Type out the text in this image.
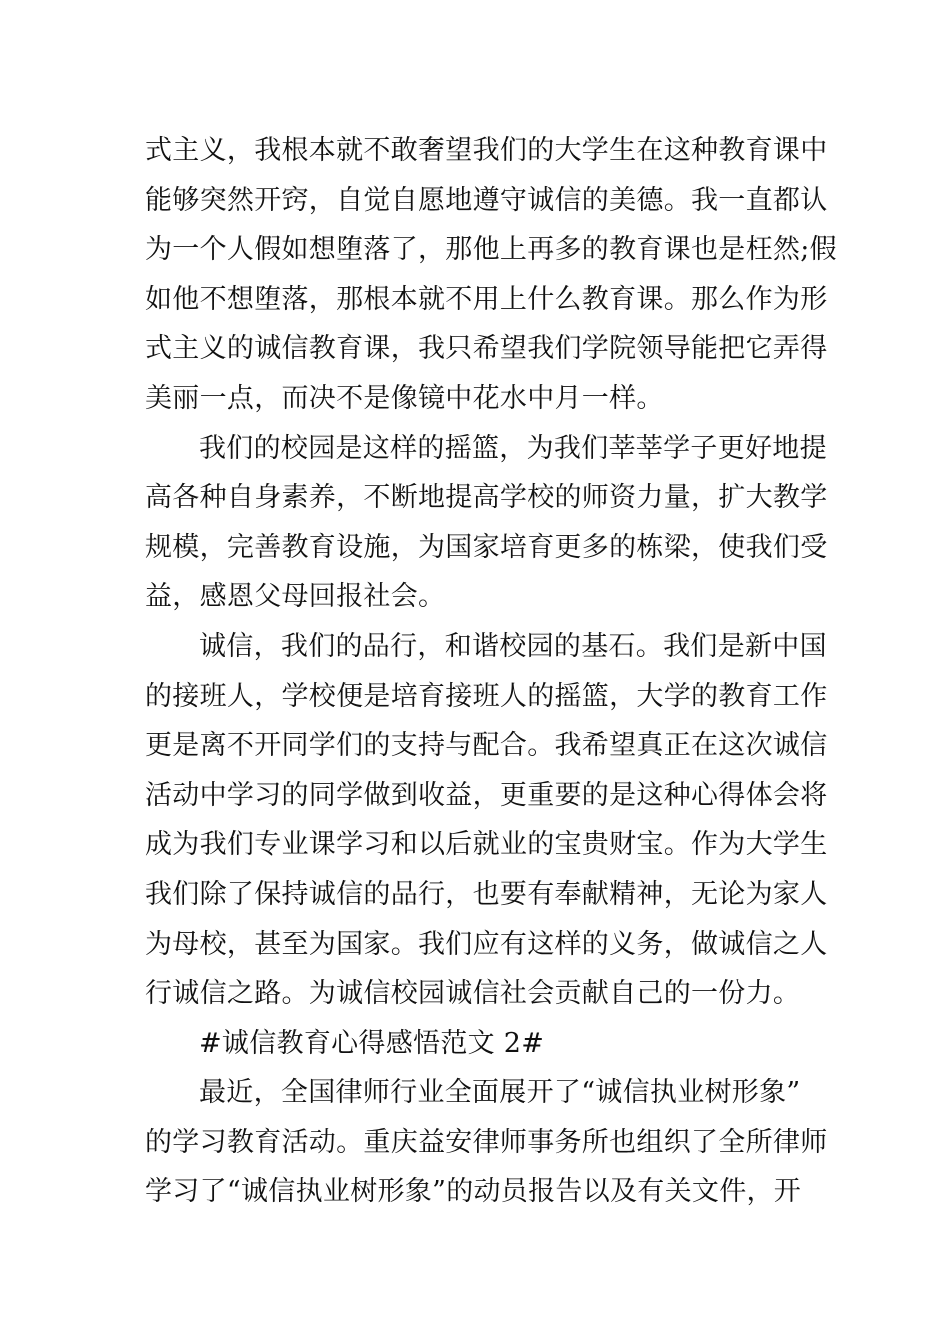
式主义，我根本就不敢奢望我们的大学生在这种教育课中
能够突然开窍，自觉自愿地遵守诚信的美德。我一直都认
为一个人假如想堕落了，那他上再多的教育课也是枉然;假
如他不想堕落，那根本就不用上什么教育课。那么作为形
式主义的诚信教育课，我只希望我们学院领导能把它弄得
美丽一点，而决不是像镜中花水中月一样。
我们的校园是这样的摇篮，为我们莘莘学子更好地提
高各种自身素养，不断地提高学校的师资力量，扩大教学
规模，完善教育设施，为国家培育更多的栋梁，使我们受
益，感恩父母回报社会。
诚信，我们的品行，和谐校园的基石。我们是新中国
的接班人，学校便是培育接班人的摇篮，大学的教育工作
更是离不开同学们的支持与配合。我希望真正在这次诚信
活动中学习的同学做到收益，更重要的是这种心得体会将
成为我们专业课学习和以后就业的宝贵财宝。作为大学生
我们除了保持诚信的品行，也要有奉献精神，无论为家人
为母校，甚至为国家。我们应有这样的义务，做诚信之人
行诚信之路。为诚信校园诚信社会贡献自己的一份力。
#诚信教育心得感悟范文 2#
最近，全国律师行业全面展开了“诚信执业树形象”
的学习教育活动。重庆益安律师事务所也组织了全所律师
学习了“诚信执业树形象”的动员报告以及有关文件，开
